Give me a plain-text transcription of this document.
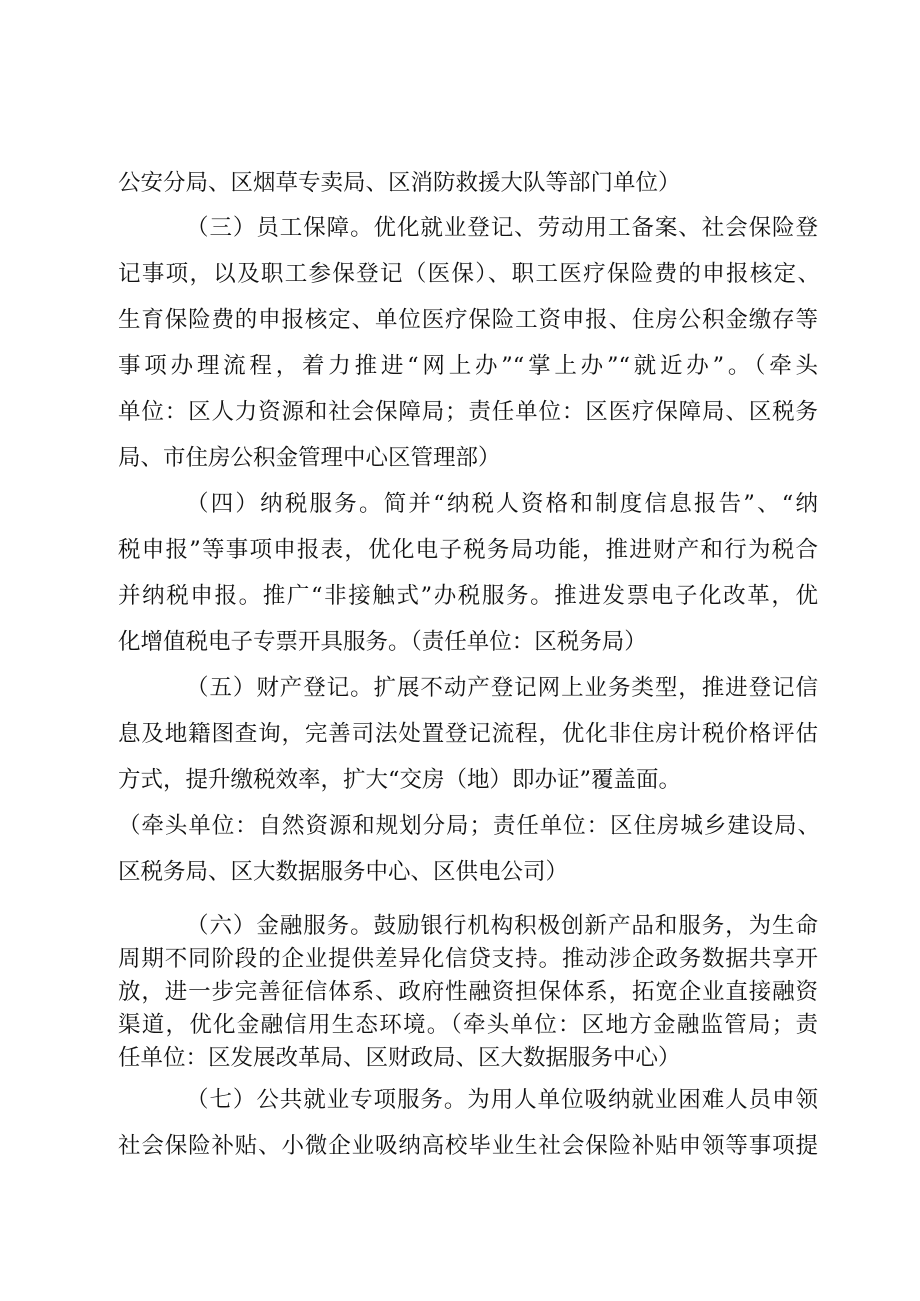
公安分局、区烟草专卖局、区消防救援大队等部门单位）
（三）员工保障。优化就业登记、劳动用工备案、社会保险登
记事项，以及职工参保登记（医保）、职工医疗保险费的申报核定、
生育保险费的申报核定、单位医疗保险工资申报、住房公积金缴存等
事项办理流程，着力推进“网上办”“掌上办”“就近办”。（牵头
单位：区人力资源和社会保障局；责任单位：区医疗保障局、区税务
局、市住房公积金管理中心区管理部）
（四）纳税服务。简并“纳税人资格和制度信息报告”、“纳
税申报”等事项申报表，优化电子税务局功能，推进财产和行为税合
并纳税申报。推广“非接触式”办税服务。推进发票电子化改革，优
化增值税电子专票开具服务。（责任单位：区税务局）
（五）财产登记。扩展不动产登记网上业务类型，推进登记信
息及地籍图查询，完善司法处置登记流程，优化非住房计税价格评估
方式，提升缴税效率，扩大“交房（地）即办证”覆盖面。
（牵头单位：自然资源和规划分局；责任单位：区住房城乡建设局、
区税务局、区大数据服务中心、区供电公司）
（六）金融服务。鼓励银行机构积极创新产品和服务，为生命
周期不同阶段的企业提供差异化信贷支持。推动涉企政务数据共享开
放，进一步完善征信体系、政府性融资担保体系，拓宽企业直接融资
渠道，优化金融信用生态环境。（牵头单位：区地方金融监管局；责
任单位：区发展改革局、区财政局、区大数据服务中心）
（七）公共就业专项服务。为用人单位吸纳就业困难人员申领
社会保险补贴、小微企业吸纳高校毕业生社会保险补贴申领等事项提
